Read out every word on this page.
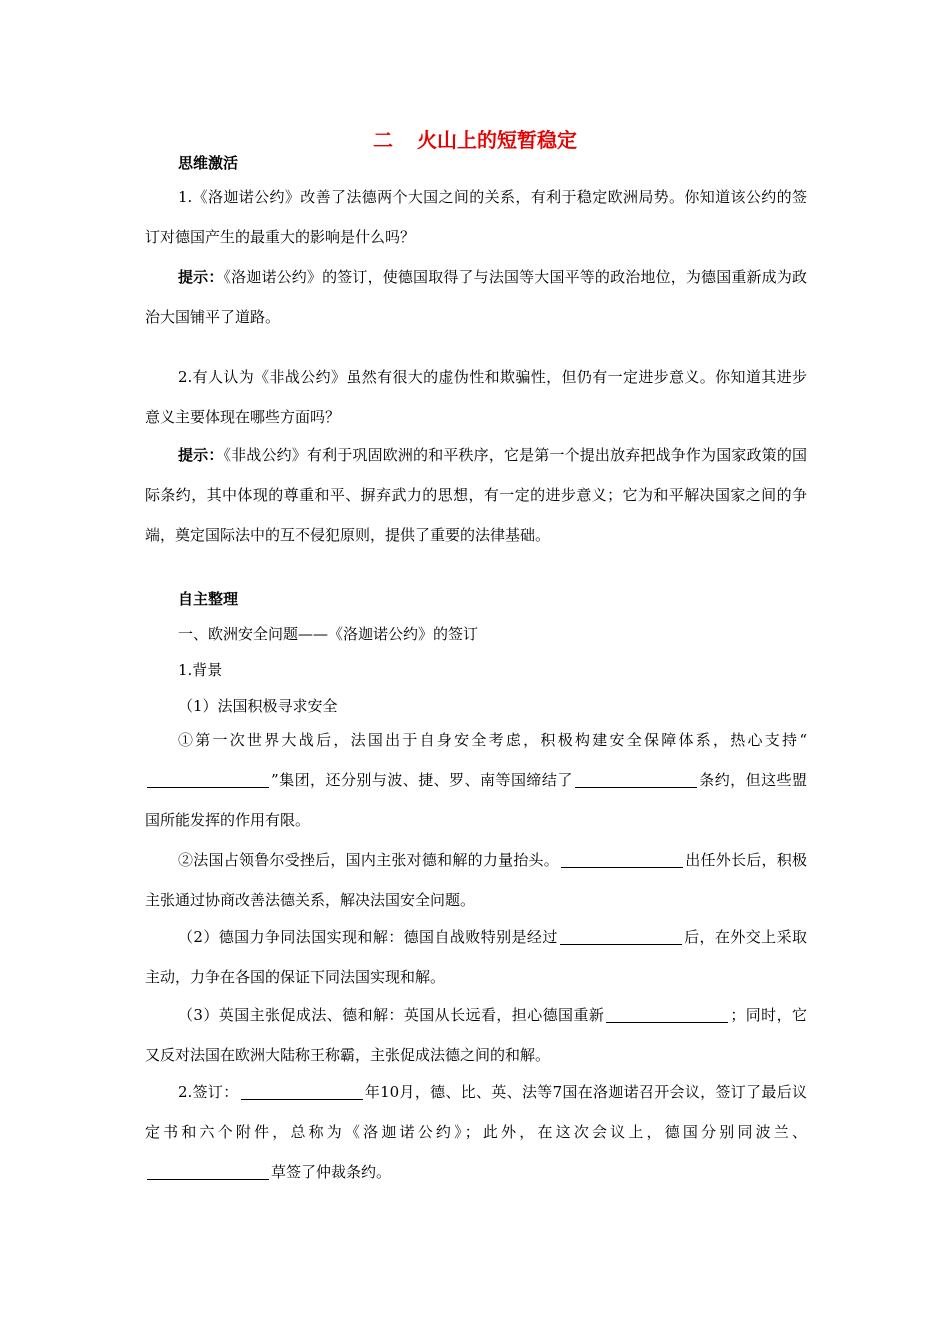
二 火山上的短暂稳定
思维激活
1.《洛迦诺公约》改善了法德两个大国之间的关系，有利于稳定欧洲局势。你知道该公约的签订对德国产生的最重大的影响是什么吗？
提示：《洛迦诺公约》的签订，使德国取得了与法国等大国平等的政治地位，为德国重新成为政治大国铺平了道路。
2.有人认为《非战公约》虽然有很大的虚伪性和欺骗性，但仍有一定进步意义。你知道其进步意义主要体现在哪些方面吗？
提示：《非战公约》有利于巩固欧洲的和平秩序，它是第一个提出放弃把战争作为国家政策的国际条约，其中体现的尊重和平、摒弃武力的思想，有一定的进步意义；它为和平解决国家之间的争端，奠定国际法中的互不侵犯原则，提供了重要的法律基础。
自主整理
一、欧洲安全问题——《洛迦诺公约》的签订
1.背景
（1）法国积极寻求安全
①第一次世界大战后，法国出于自身安全考虑，积极构建安全保障体系，热心支持“”集团，还分别与波、捷、罗、南等国缔结了	条约，但这些盟国所能发挥的作用有限。
②法国占领鲁尔受挫后，国内主张对德和解的力量抬头。	出任外长后，积极主张通过协商改善法德关系，解决法国安全问题。
（2）德国力争同法国实现和解：德国自战败特别是经过	后，在外交上采取主动，力争在各国的保证下同法国实现和解。
（3）英国主张促成法、德和解：英国从长远看，担心德国重新	；同时，它又反对法国在欧洲大陆称王称霸，主张促成法德之间的和解。
2.签订：	年10月，德、比、英、法等7国在洛迦诺召开会议，签订了最后议定书和六个附件，总称为《洛迦诺公约》；此外，在这次会议上，德国分别同波兰、草签了仲裁条约。
